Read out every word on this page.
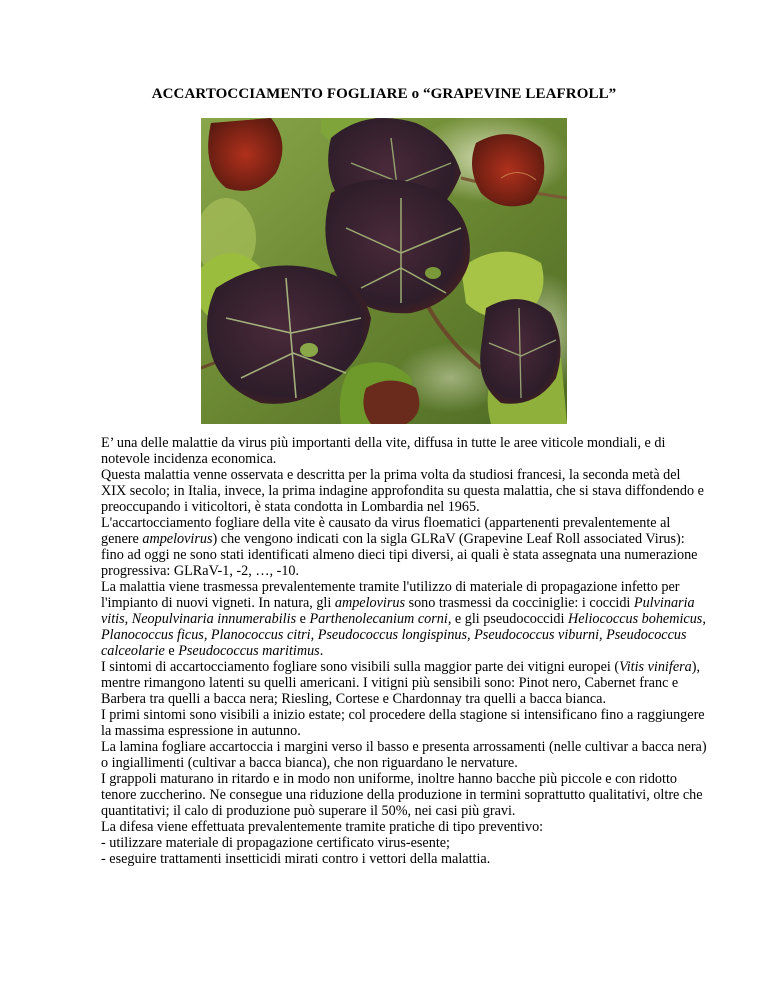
ACCARTOCCIAMENTO FOGLIARE o “GRAPEVINE LEAFROLL”

E’ una delle malattie da virus più importanti della vite, diffusa in tutte le aree viticole mondiali, e di notevole incidenza economica.

Questa malattia venne osservata e descritta per la prima volta da studiosi francesi, la seconda metà del XIX secolo; in Italia, invece, la prima indagine approfondita su questa malattia, che si stava diffondendo e preoccupando i viticoltori, è stata condotta in Lombardia nel 1965.

L'accartocciamento fogliare della vite è causato da virus floematici (appartenenti prevalentemente al genere ampelovirus) che vengono indicati con la sigla GLRaV (Grapevine Leaf Roll associated Virus): fino ad oggi ne sono stati identificati almeno dieci tipi diversi, ai quali è stata assegnata una numerazione progressiva: GLRaV-1, -2, …, -10.

La malattia viene trasmessa prevalentemente tramite l'utilizzo di materiale di propagazione infetto per l'impianto di nuovi vigneti. In natura, gli ampelovirus sono trasmessi da cocciniglie: i coccidi Pulvinaria vitis, Neopulvinaria innumerabilis e Parthenolecanium corni, e gli pseudococcidi Heliococcus bohemicus, Planococcus ficus, Planococcus citri, Pseudococcus longispinus, Pseudococcus viburni, Pseudococcus calceolarie e Pseudococcus maritimus.

I sintomi di accartocciamento fogliare sono visibili sulla maggior parte dei vitigni europei (Vitis vinifera), mentre rimangono latenti su quelli americani. I vitigni più sensibili sono: Pinot nero, Cabernet franc e Barbera tra quelli a bacca nera; Riesling, Cortese e Chardonnay tra quelli a bacca bianca.

I primi sintomi sono visibili a inizio estate; col procedere della stagione si intensificano fino a raggiungere la massima espressione in autunno.

La lamina fogliare accartoccia i margini verso il basso e presenta arrossamenti (nelle cultivar a bacca nera) o ingiallimenti (cultivar a bacca bianca), che non riguardano le nervature.

I grappoli maturano in ritardo e in modo non uniforme, inoltre hanno bacche più piccole e con ridotto tenore zuccherino. Ne consegue una riduzione della produzione in termini soprattutto qualitativi, oltre che quantitativi; il calo di produzione può superare il 50%, nei casi più gravi.

La difesa viene effettuata prevalentemente tramite pratiche di tipo preventivo:

- utilizzare materiale di propagazione certificato virus-esente;

- eseguire trattamenti insetticidi mirati contro i vettori della malattia.
